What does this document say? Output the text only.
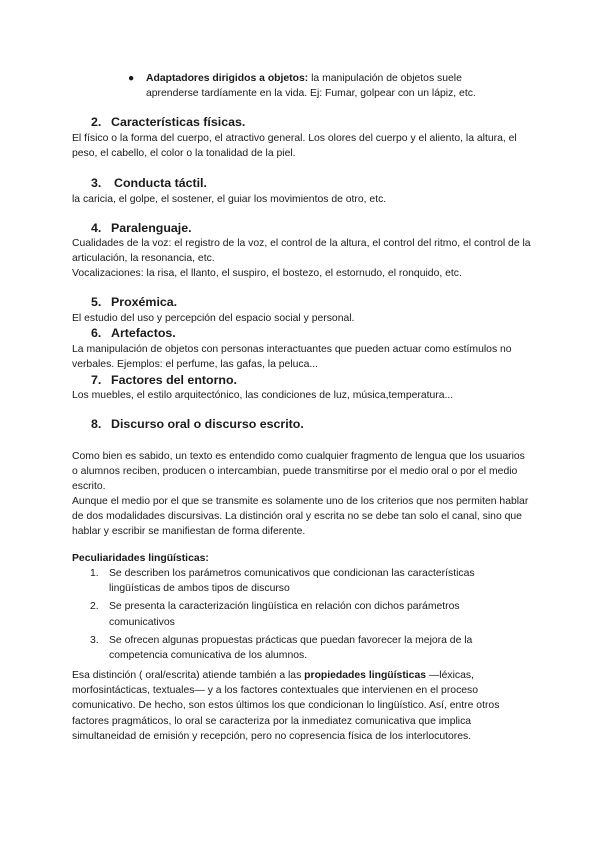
● Adaptadores dirigidos a objetos: la manipulación de objetos suele aprenderse tardíamente en la vida. Ej: Fumar, golpear con un lápiz, etc.
2. Características físicas.

El físico o la forma del cuerpo, el atractivo general. Los olores del cuerpo y el aliento, la altura, el peso, el cabello, el color o la tonalidad de la piel.

3. Conducta táctil.

la caricia, el golpe, el sostener, el guiar los movimientos de otro, etc.

4. Paralenguaje.

Cualidades de la voz: el registro de la voz, el control de la altura, el control del ritmo, el control de la articulación, la resonancia, etc.

Vocalizaciones: la risa, el llanto, el suspiro, el bostezo, el estornudo, el ronquido, etc.

5. Proxémica.

El estudio del uso y percepción del espacio social y personal.

6. Artefactos.

La manipulación de objetos con personas interactuantes que pueden actuar como estímulos no verbales. Ejemplos: el perfume, las gafas, la peluca...

7. Factores del entorno.

Los muebles, el estilo arquitectónico, las condiciones de luz, música,temperatura...

8. Discurso oral o discurso escrito.

Como bien es sabido, un texto es entendido como cualquier fragmento de lengua que los usuarios o alumnos reciben, producen o intercambian, puede transmitirse por el medio oral o por el medio escrito.

Aunque el medio por el que se transmite es solamente uno de los criterios que nos permiten hablar de dos modalidades discursivas. La distinción oral y escrita no se debe tan solo el canal, sino que hablar y escribir se manifiestan de forma diferente.

Peculiaridades lingüísticas:

1. Se describen los parámetros comunicativos que condicionan las características lingüísticas de ambos tipos de discurso
2. Se presenta la caracterización lingüística en relación con dichos parámetros comunicativos
3. Se ofrecen algunas propuestas prácticas que puedan favorecer la mejora de la competencia comunicativa de los alumnos.

Esa distinción ( oral/escrita) atiende también a las propiedades lingüísticas —léxicas, morfosintácticas, textuales— y a los factores contextuales que intervienen en el proceso comunicativo. De hecho, son estos últimos los que condicionan lo lingüístico. Así, entre otros factores pragmáticos, lo oral se caracteriza por la inmediatez comunicativa que implica simultaneidad de emisión y recepción, pero no copresencia física de los interlocutores.
